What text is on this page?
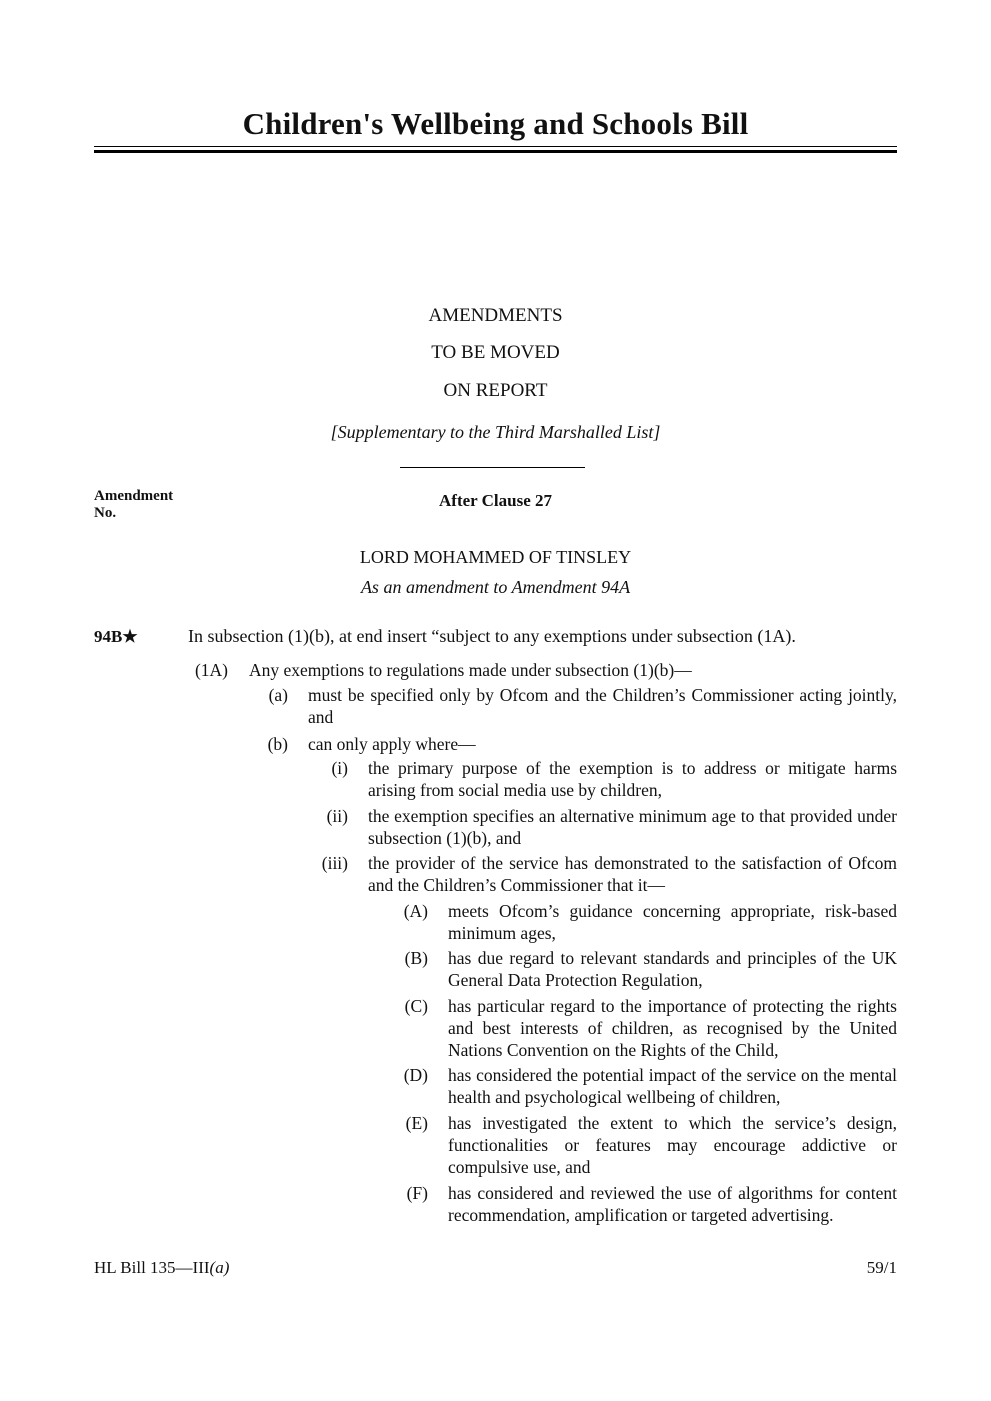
Children's Wellbeing and Schools Bill
AMENDMENTS
TO BE MOVED
ON REPORT
[Supplementary to the Third Marshalled List]
Amendment
No.
After Clause 27
LORD MOHAMMED OF TINSLEY
As an amendment to Amendment 94A
94B★	In subsection (1)(b), at end insert “subject to any exemptions under subsection (1A).
(1A) Any exemptions to regulations made under subsection (1)(b)—
(a) must be specified only by Ofcom and the Children’s Commissioner acting jointly, and
(b) can only apply where—
(i) the primary purpose of the exemption is to address or mitigate harms arising from social media use by children,
(ii) the exemption specifies an alternative minimum age to that provided under subsection (1)(b), and
(iii) the provider of the service has demonstrated to the satisfaction of Ofcom and the Children’s Commissioner that it—
(A) meets Ofcom’s guidance concerning appropriate, risk-based minimum ages,
(B) has due regard to relevant standards and principles of the UK General Data Protection Regulation,
(C) has particular regard to the importance of protecting the rights and best interests of children, as recognised by the United Nations Convention on the Rights of the Child,
(D) has considered the potential impact of the service on the mental health and psychological wellbeing of children,
(E) has investigated the extent to which the service’s design, functionalities or features may encourage addictive or compulsive use, and
(F) has considered and reviewed the use of algorithms for content recommendation, amplification or targeted advertising.
HL Bill 135—III(a)	59/1
